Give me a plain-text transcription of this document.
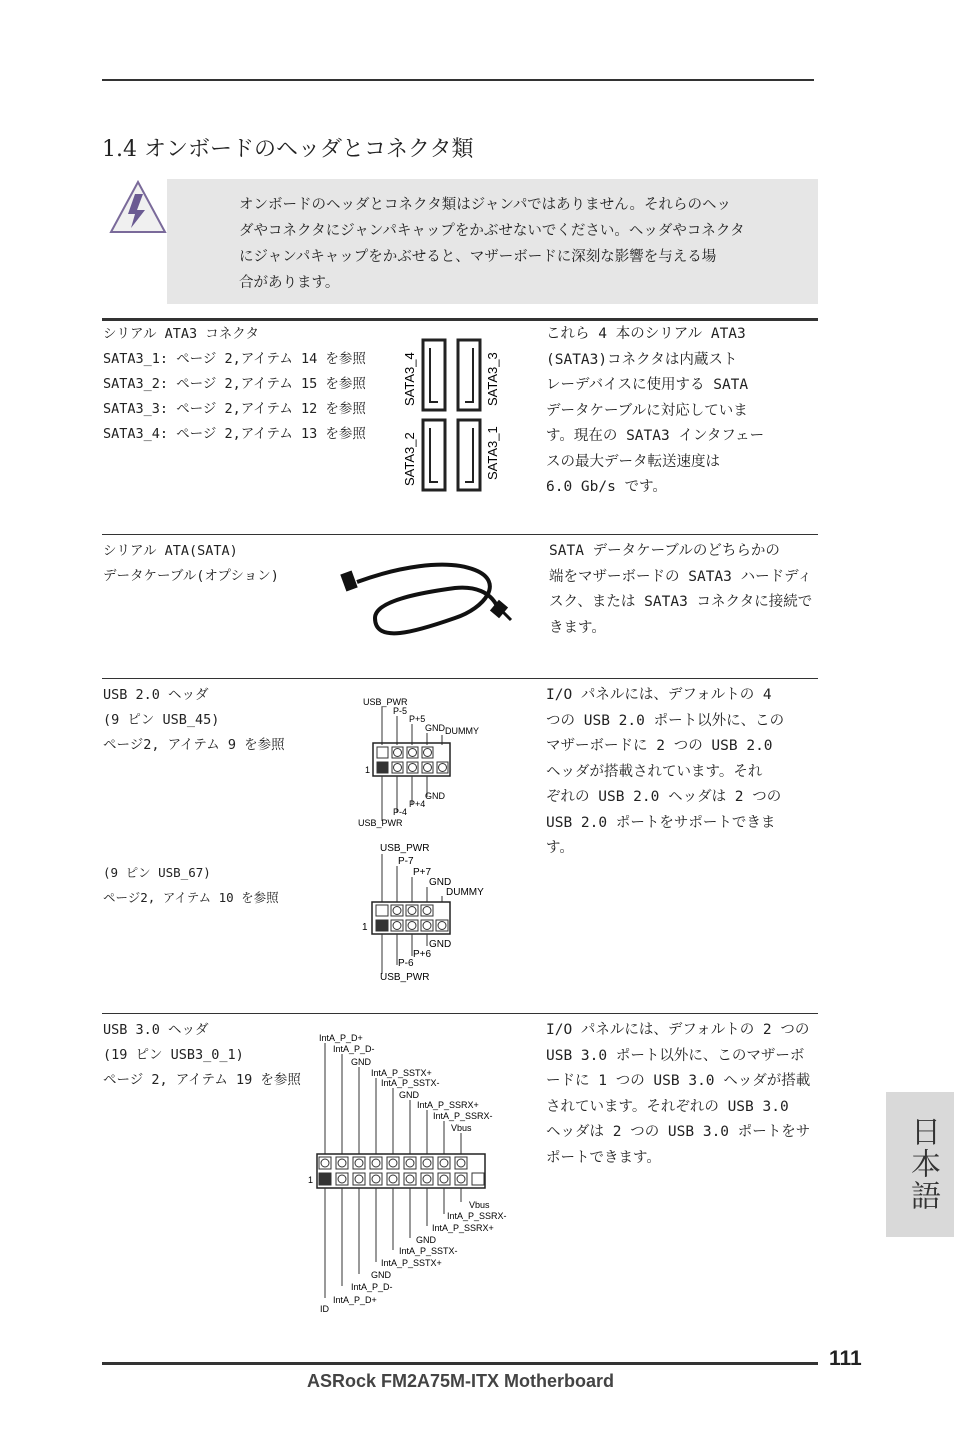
1.4 オンボードのヘッダとコネクタ類
オンボードのヘッダとコネクタ類はジャンパではありません。それらのヘッ
ダやコネクタにジャンパキャップをかぶせないでください。ヘッダやコネクタ
にジャンパキャップをかぶせると、マザーボードに深刻な影響を与える場
合があります。
シリアル ATA3 コネクタ
SATA3_1: ページ 2,アイテム 14 を参照
SATA3_2: ページ 2,アイテム 15 を参照
SATA3_3: ページ 2,アイテム 12 を参照
SATA3_4: ページ 2,アイテム 13 を参照
SATA3_4	SATA3_3
SATA3_2	SATA3_1
これら 4 本のシリアル ATA3
(SATA3)コネクタは内蔵スト
レーデバイスに使用する SATA
データケーブルに対応していま
す。現在の SATA3 インタフェー
スの最大データ転送速度は
6.0 Gb/s です。
シリアル ATA(SATA)
データケーブル(オプション)
SATA データケーブルのどちらかの
端をマザーボードの SATA3 ハードディ
スク、または SATA3 コネクタに接続で
きます。
USB 2.0 ヘッダ
(9 ピン USB_45)
ページ2, アイテム 9 を参照
(9 ピン USB_67)
ページ2, アイテム 10 を参照
USB_PWR
P-5
P+5
GND DUMMY
1
GND
P+4
P-4
USB_PWR
USB_PWR
P-7
P+7
GND
DUMMY
1
GND
P+6
P-6
USB_PWR
I/O パネルには、デフォルトの 4
つの USB 2.0 ポート以外に、この
マザーボードに 2 つの USB 2.0
ヘッダが搭載されています。それ
ぞれの USB 2.0 ヘッダは 2 つの
USB 2.0 ポートをサポートできま
す。
USB 3.0 ヘッダ
(19 ピン USB3_0_1)
ページ 2, アイテム 19 を参照
IntA_P_D+
IntA_P_D-
GND
IntA_P_SSTX+
IntA_P_SSTX-
GND
IntA_P_SSRX+
IntA_P_SSRX-
Vbus
1
Vbus
IntA_P_SSRX-
IntA_P_SSRX+
GND
IntA_P_SSTX-
IntA_P_SSTX+
GND
IntA_P_D-
IntA_P_D+
ID
I/O パネルには、デフォルトの 2 つの
USB 3.0 ポート以外に、このマザーボ
ードに 1 つの USB 3.0 ヘッダが搭載
されています。それぞれの USB 3.0
ヘッダは 2 つの USB 3.0 ポートをサ
ポートできます。	日本語
111
ASRock FM2A75M-ITX Motherboard
